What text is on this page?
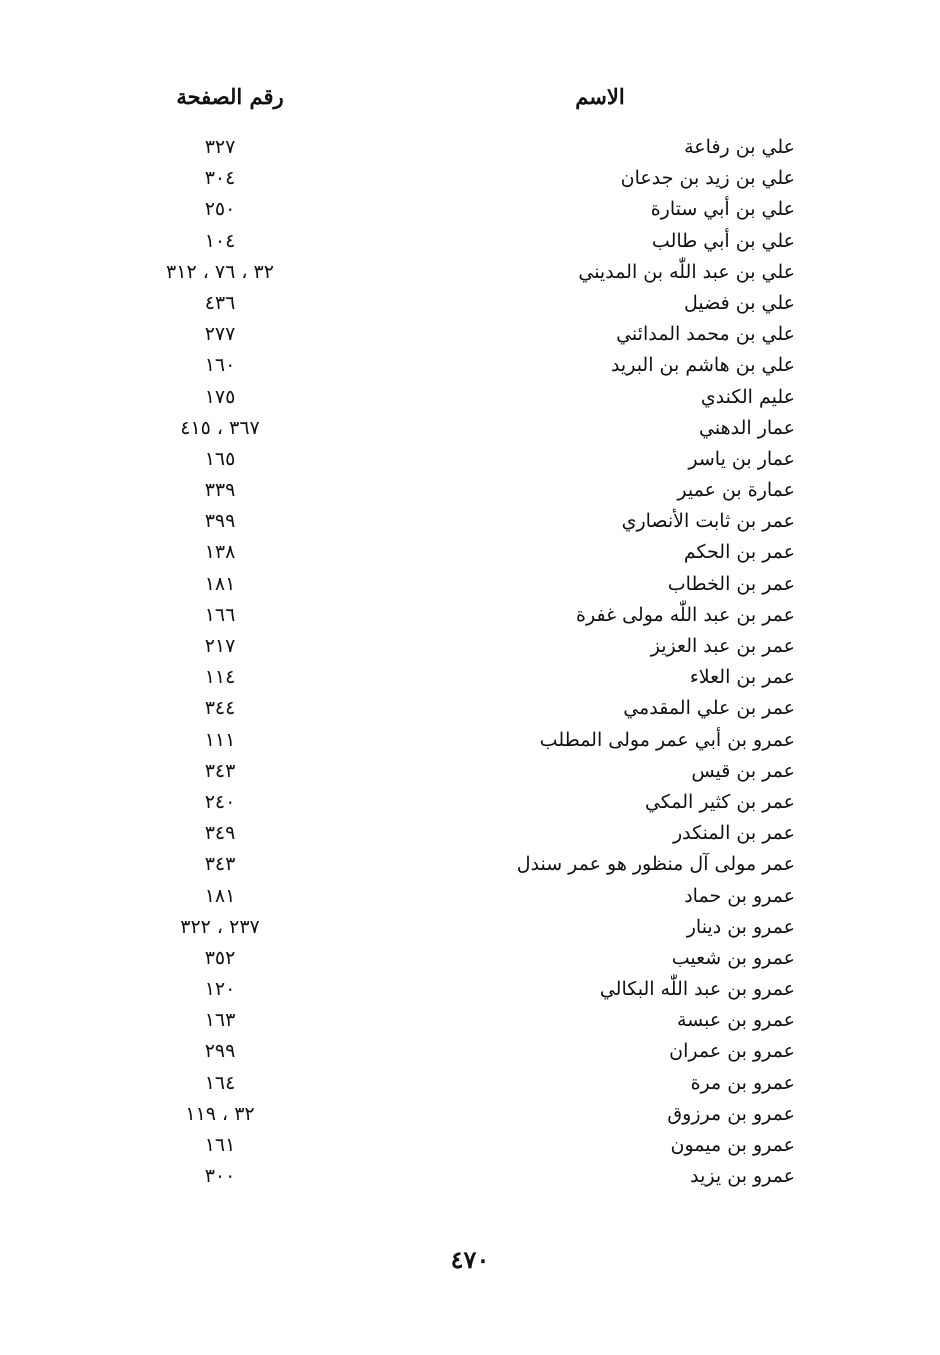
الاسم
رقم الصفحة
علي بن رفاعة
٣٢٧
علي بن زيد بن جدعان
٣٠٤
علي بن أبي ستارة
٢٥٠
علي بن أبي طالب
١٠٤
علي بن عبد اللّٰه بن المديني
٣٢ ، ٧٦ ، ٣١٢
علي بن فضيل
٤٣٦
علي بن محمد المدائني
٢٧٧
علي بن هاشم بن البريد
١٦٠
عليم الكندي
١٧٥
عمار الدهني
٣٦٧ ، ٤١٥
عمار بن ياسر
١٦٥
عمارة بن عمير
٣٣٩
عمر بن ثابت الأنصاري
٣٩٩
عمر بن الحكم
١٣٨
عمر بن الخطاب
١٨١
عمر بن عبد اللّٰه مولى غفرة
١٦٦
عمر بن عبد العزيز
٢١٧
عمر بن العلاء
١١٤
عمر بن علي المقدمي
٣٤٤
عمرو بن أبي عمر مولى المطلب
١١١
عمر بن قيس
٣٤٣
عمر بن كثير المكي
٢٤٠
عمر بن المنكدر
٣٤٩
عمر مولى آل منظور هو عمر سندل
٣٤٣
عمرو بن حماد
١٨١
عمرو بن دينار
٢٣٧ ، ٣٢٢
عمرو بن شعيب
٣٥٢
عمرو بن عبد اللّٰه البكالي
١٢٠
عمرو بن عبسة
١٦٣
عمرو بن عمران
٢٩٩
عمرو بن مرة
١٦٤
عمرو بن مرزوق
٣٢ ، ١١٩
عمرو بن ميمون
١٦١
عمرو بن يزيد
٣٠٠
٤٧٠
